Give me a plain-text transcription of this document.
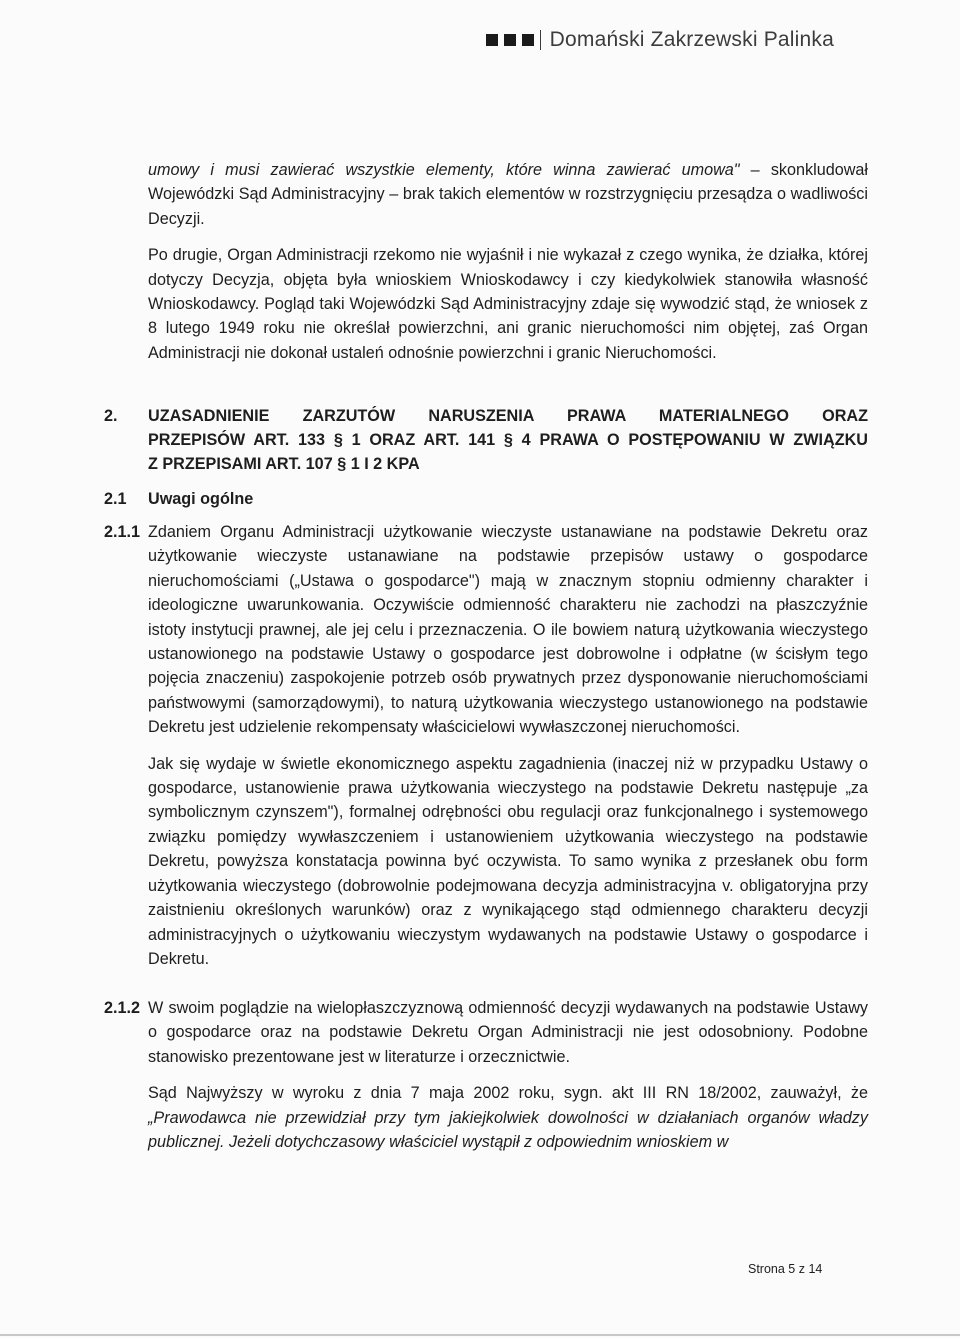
Domański Zakrzewski Palinka

umowy i musi zawierać wszystkie elementy, które winna zawierać umowa" – skonkludował Wojewódzki Sąd Administracyjny – brak takich elementów w rozstrzygnięciu przesądza o wadliwości Decyzji.

Po drugie, Organ Administracji rzekomo nie wyjaśnił i nie wykazał z czego wynika, że działka, której dotyczy Decyzja, objęta była wnioskiem Wnioskodawcy i czy kiedykolwiek stanowiła własność Wnioskodawcy. Pogląd taki Wojewódzki Sąd Administracyjny zdaje się wywodzić stąd, że wniosek z 8 lutego 1949 roku nie określał powierzchni, ani granic nieruchomości nim objętej, zaś Organ Administracji nie dokonał ustaleń odnośnie powierzchni i granic Nieruchomości.

2. UZASADNIENIE ZARZUTÓW NARUSZENIA PRAWA MATERIALNEGO ORAZ
PRZEPISÓW ART. 133 § 1 ORAZ ART. 141 § 4 PRAWA O POSTĘPOWANIU W ZWIĄZKU
Z PRZEPISAMI ART. 107 § 1 I 2 KPA
2.1 Uwagi ogólne
2.1.1 Zdaniem Organu Administracji użytkowanie wieczyste ustanawiane na podstawie Dekretu oraz użytkowanie wieczyste ustanawiane na podstawie przepisów ustawy o gospodarce nieruchomościami („Ustawa o gospodarce") mają w znacznym stopniu odmienny charakter i ideologiczne uwarunkowania. Oczywiście odmienność charakteru nie zachodzi na płaszczyźnie istoty instytucji prawnej, ale jej celu i przeznaczenia. O ile bowiem naturą użytkowania wieczystego ustanowionego na podstawie Ustawy o gospodarce jest dobrowolne i odpłatne (w ścisłym tego pojęcia znaczeniu) zaspokojenie potrzeb osób prywatnych przez dysponowanie nieruchomościami państwowymi (samorządowymi), to naturą użytkowania wieczystego ustanowionego na podstawie Dekretu jest udzielenie rekompensaty właścicielowi wywłaszczonej nieruchomości.

Jak się wydaje w świetle ekonomicznego aspektu zagadnienia (inaczej niż w przypadku Ustawy o gospodarce, ustanowienie prawa użytkowania wieczystego na podstawie Dekretu następuje „za symbolicznym czynszem"), formalnej odrębności obu regulacji oraz funkcjonalnego i systemowego związku pomiędzy wywłaszczeniem i ustanowieniem użytkowania wieczystego na podstawie Dekretu, powyższa konstatacja powinna być oczywista. To samo wynika z przesłanek obu form użytkowania wieczystego (dobrowolnie podejmowana decyzja administracyjna v. obligatoryjna przy zaistnieniu określonych warunków) oraz z wynikającego stąd odmiennego charakteru decyzji administracyjnych o użytkowaniu wieczystym wydawanych na podstawie Ustawy o gospodarce i Dekretu.

2.1.2 W swoim poglądzie na wielopłaszczyznową odmienność decyzji wydawanych na podstawie Ustawy o gospodarce oraz na podstawie Dekretu Organ Administracji nie jest odosobniony. Podobne stanowisko prezentowane jest w literaturze i orzecznictwie.

Sąd Najwyższy w wyroku z dnia 7 maja 2002 roku, sygn. akt III RN 18/2002, zauważył, że „Prawodawca nie przewidział przy tym jakiejkolwiek dowolności w działaniach organów władzy publicznej. Jeżeli dotychczasowy właściciel wystąpił z odpowiednim wnioskiem w

Strona 5 z 14
